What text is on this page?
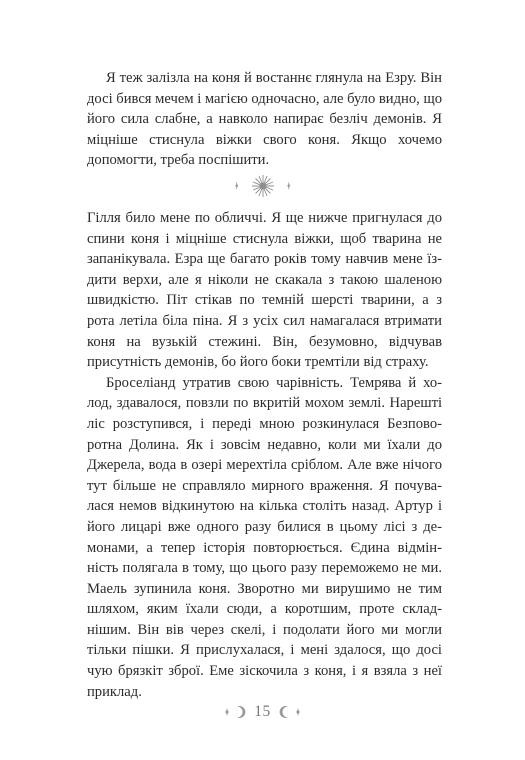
Я теж залізла на коня й востаннє глянула на Езру. Він досі бився мечем і магією одночасно, але було видно, що його сила слабне, а навколо напирає безліч демонів. Я міцніше стиснула віжки свого коня. Якщо хочемо допомогти, треба поспішити.

Гілля било мене по обличчі. Я ще нижче пригнулася до спини коня і міцніше стиснула віжки, щоб тварина не запанікувала. Езра ще багато років тому навчив мене їздити верхи, але я ніколи не скакала з такою шаленою швидкістю. Піт стікав по темній шерсті тварини, а з рота летіла біла піна. Я з усіх сил намагалася втримати коня на вузькій стежині. Він, безумовно, відчував присутність демонів, бо його боки тремтіли від страху.

Броселіанд утратив свою чарівність. Темрява й холод, здавалося, повзли по вкритій мохом землі. Нарешті ліс розступився, і переді мною розкинулася Безповоротна Долина. Як і зовсім недавно, коли ми їхали до Джерела, вода в озері мерехтіла сріблом. Але вже нічого тут більше не справляло мирного враження. Я почувалася немов відкинутою на кілька століть назад. Артур і його лицарі вже одного разу билися в цьому лісі з демонами, а тепер історія повторюється. Єдина відмінність полягала в тому, що цього разу переможемо не ми. Маель зупинила коня. Зворотно ми вирушимо не тим шляхом, яким їхали сюди, а коротшим, проте складнішим. Він вів через скелі, і подолати його ми могли тільки пішки. Я прислухалася, і мені здалося, що досі чую брязкіт зброї. Еме зіскочила з коня, і я взяла з неї приклад.

15
